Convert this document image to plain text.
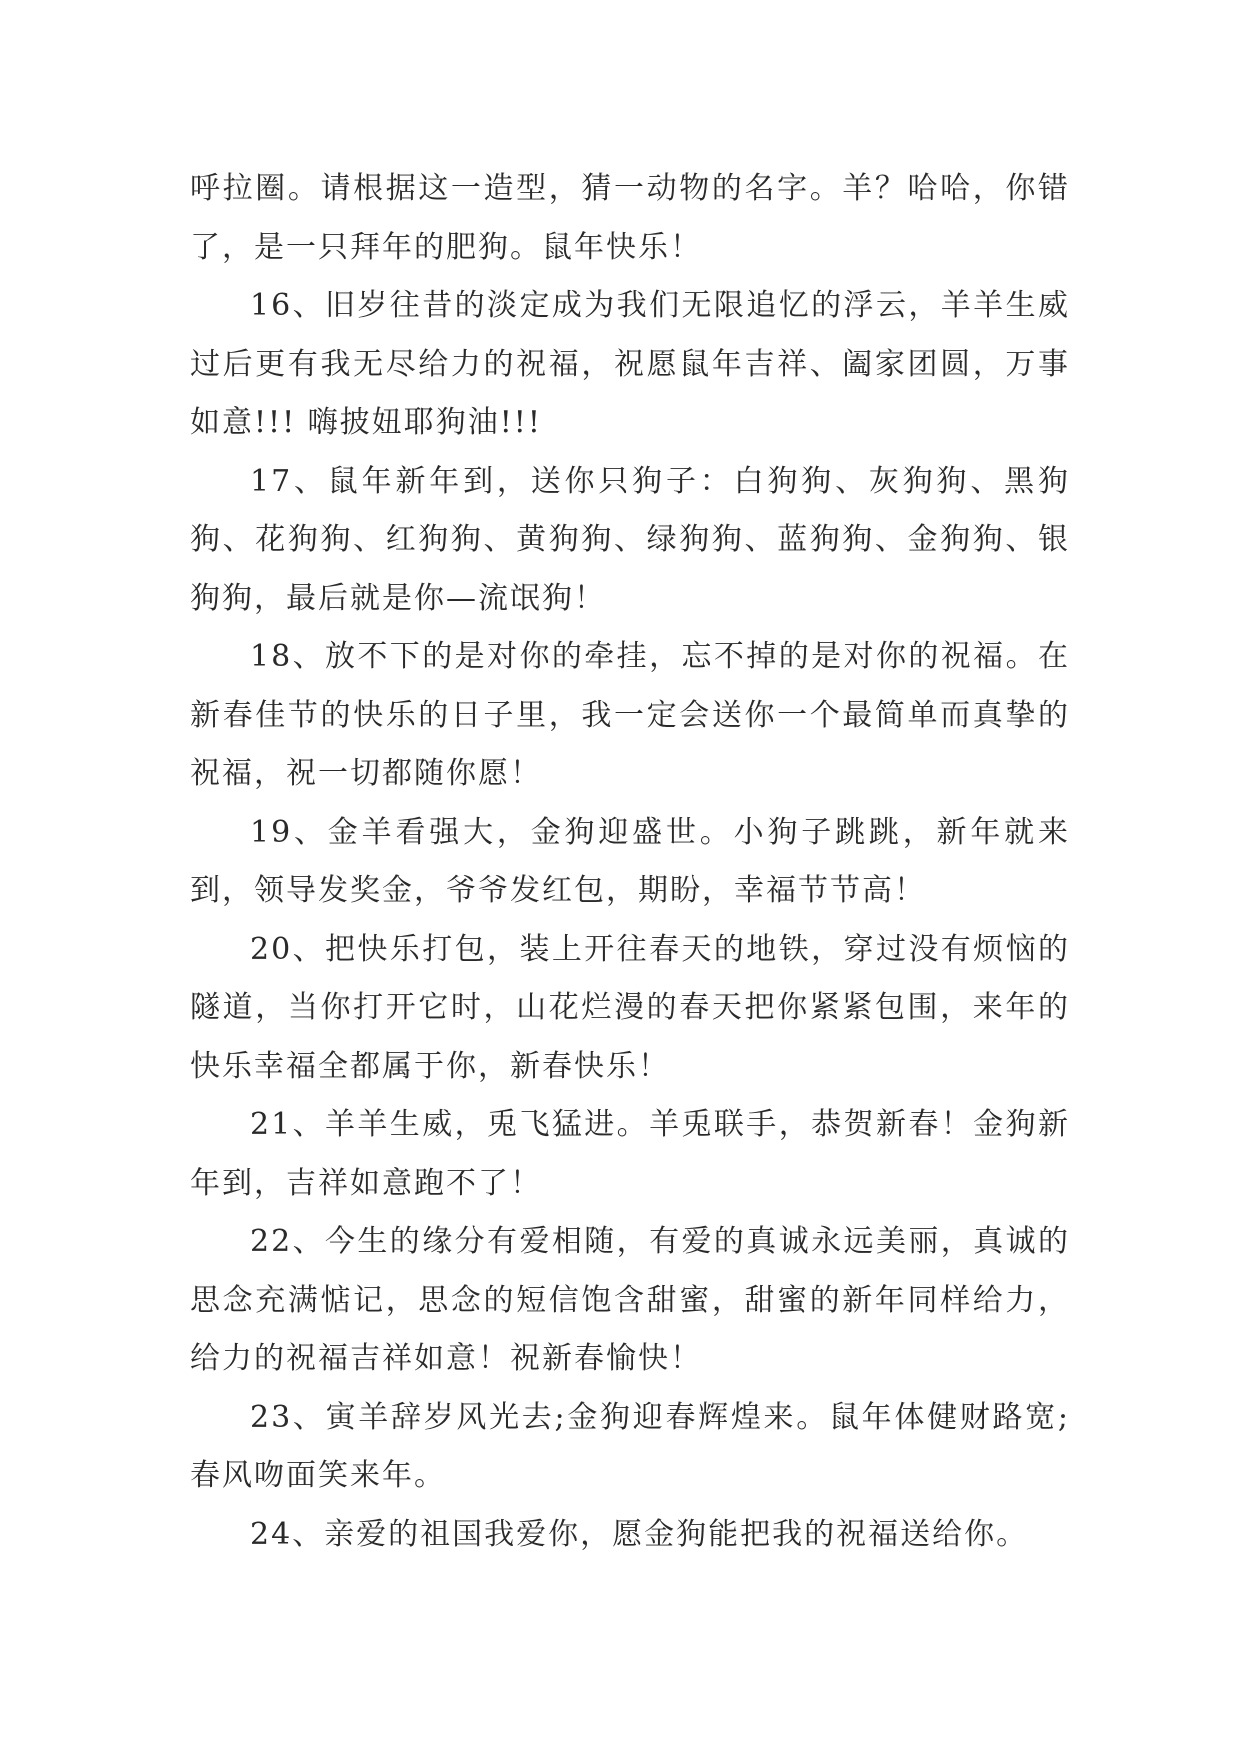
呼拉圈。请根据这一造型，猜一动物的名字。羊？哈哈，你错了，是一只拜年的肥狗。鼠年快乐！

16、旧岁往昔的淡定成为我们无限追忆的浮云，羊羊生威过后更有我无尽给力的祝福，祝愿鼠年吉祥、阖家团圆，万事如意!!! 嗨披妞耶狗油!!!

17、鼠年新年到，送你只狗子：白狗狗、灰狗狗、黑狗狗、花狗狗、红狗狗、黄狗狗、绿狗狗、蓝狗狗、金狗狗、银狗狗，最后就是你—流氓狗！

18、放不下的是对你的牵挂，忘不掉的是对你的祝福。在新春佳节的快乐的日子里，我一定会送你一个最简单而真挚的祝福，祝一切都随你愿！

19、金羊看强大，金狗迎盛世。小狗子跳跳，新年就来到，领导发奖金，爷爷发红包，期盼，幸福节节高！

20、把快乐打包，装上开往春天的地铁，穿过没有烦恼的隧道，当你打开它时，山花烂漫的春天把你紧紧包围，来年的快乐幸福全都属于你，新春快乐！

21、羊羊生威，兎飞猛进。羊兎联手，恭贺新春！金狗新年到，吉祥如意跑不了！

22、今生的缘分有爱相随，有爱的真诚永远美丽，真诚的思念充满惦记，思念的短信饱含甜蜜，甜蜜的新年同样给力，给力的祝福吉祥如意！祝新春愉快！

23、寅羊辞岁风光去;金狗迎春辉煌来。鼠年体健财路宽;春风吻面笑来年。

24、亲爱的祖国我爱你，愿金狗能把我的祝福送给你。
